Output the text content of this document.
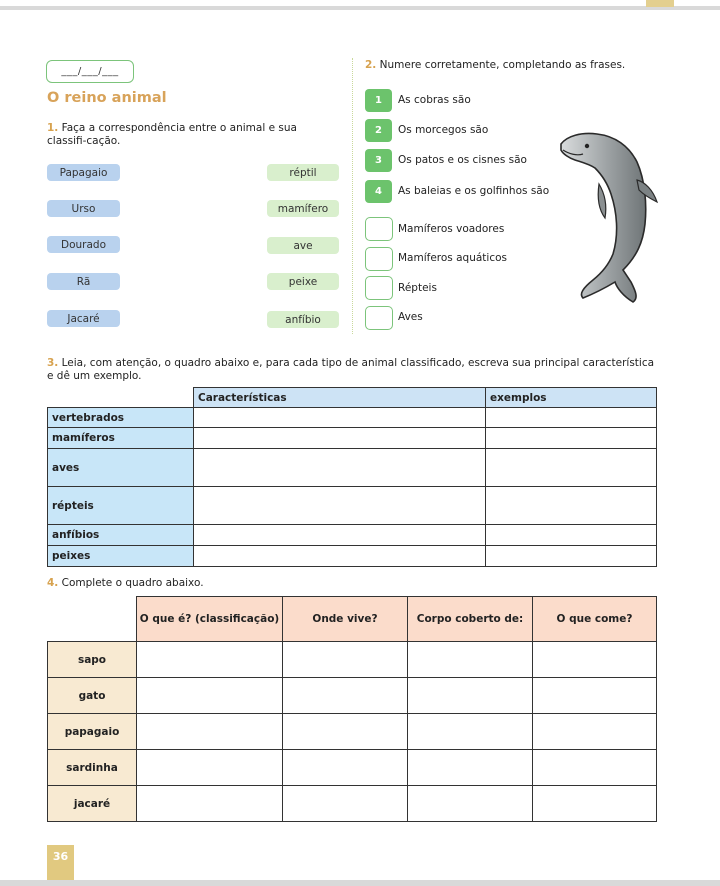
___/___/___
O reino animal
1. Faça a correspondência entre o animal e sua classifi-cação.
Papagaio
Urso
Dourado
Rã
Jacaré
réptil
mamífero
ave
peixe
anfíbio
2. Numere corretamente, completando as frases.
1	As cobras são
2	Os morcegos são
3	Os patos e os cisnes são
4	As baleias e os golfinhos são
Mamíferos voadores
Mamíferos aquáticos
Répteis
Aves
3. Leia, com atenção, o quadro abaixo e, para cada tipo de animal classificado, escreva sua principal característica e dê um exemplo.
	Características	exemplos
vertebrados		
mamíferos		
aves		
répteis		
anfíbios		
peixes		
4. Complete o quadro abaixo.
	O que é? (classificação)	Onde vive?	Corpo coberto de:	O que come?
sapo				
gato				
papagaio				
sardinha				
jacaré				
36
